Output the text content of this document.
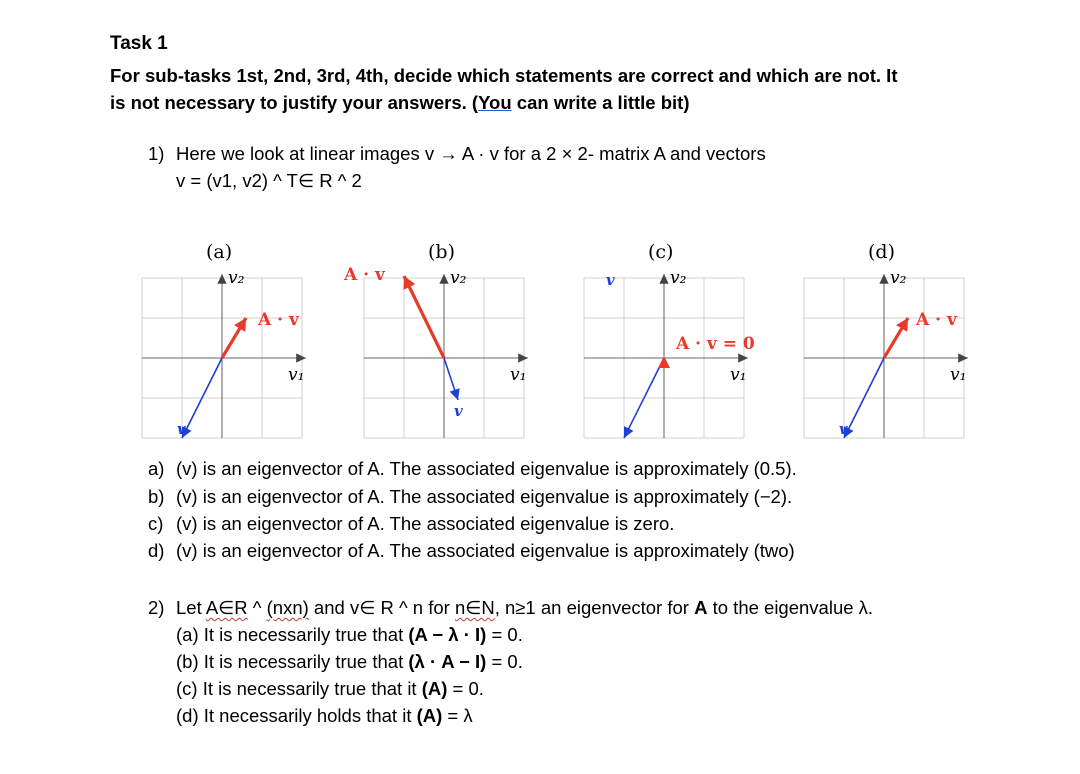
Task 1
For sub-tasks 1st, 2nd, 3rd, 4th, decide which statements are correct and which are not. It
is not necessary to justify your answers. (You can write a little bit)
1) Here we look at linear images v → A · v for a 2 × 2- matrix A and vectors
v = (v1, v2) ^ T∈ R ^ 2
(a)
v₂
v₁
v
A · v
(b)
v₂
v₁
v
A · v
(c)
v₂
v₁
v
A · v = 0
(d)
v₂
v₁
v
A · v
a) (v) is an eigenvector of A. The associated eigenvalue is approximately (0.5).
b) (v) is an eigenvector of A. The associated eigenvalue is approximately (−2).
c) (v) is an eigenvector of A. The associated eigenvalue is zero.
d) (v) is an eigenvector of A. The associated eigenvalue is approximately (two)
2) Let A∈R ^ (nxn) and v∈ R ^ n for n∈N, n≥1 an eigenvector for A to the eigenvalue λ.
(a) It is necessarily true that (A − λ · I) = 0.
(b) It is necessarily true that (λ · A − I) = 0.
(c) It is necessarily true that it (A) = 0.
(d) It necessarily holds that it (A) = λ
